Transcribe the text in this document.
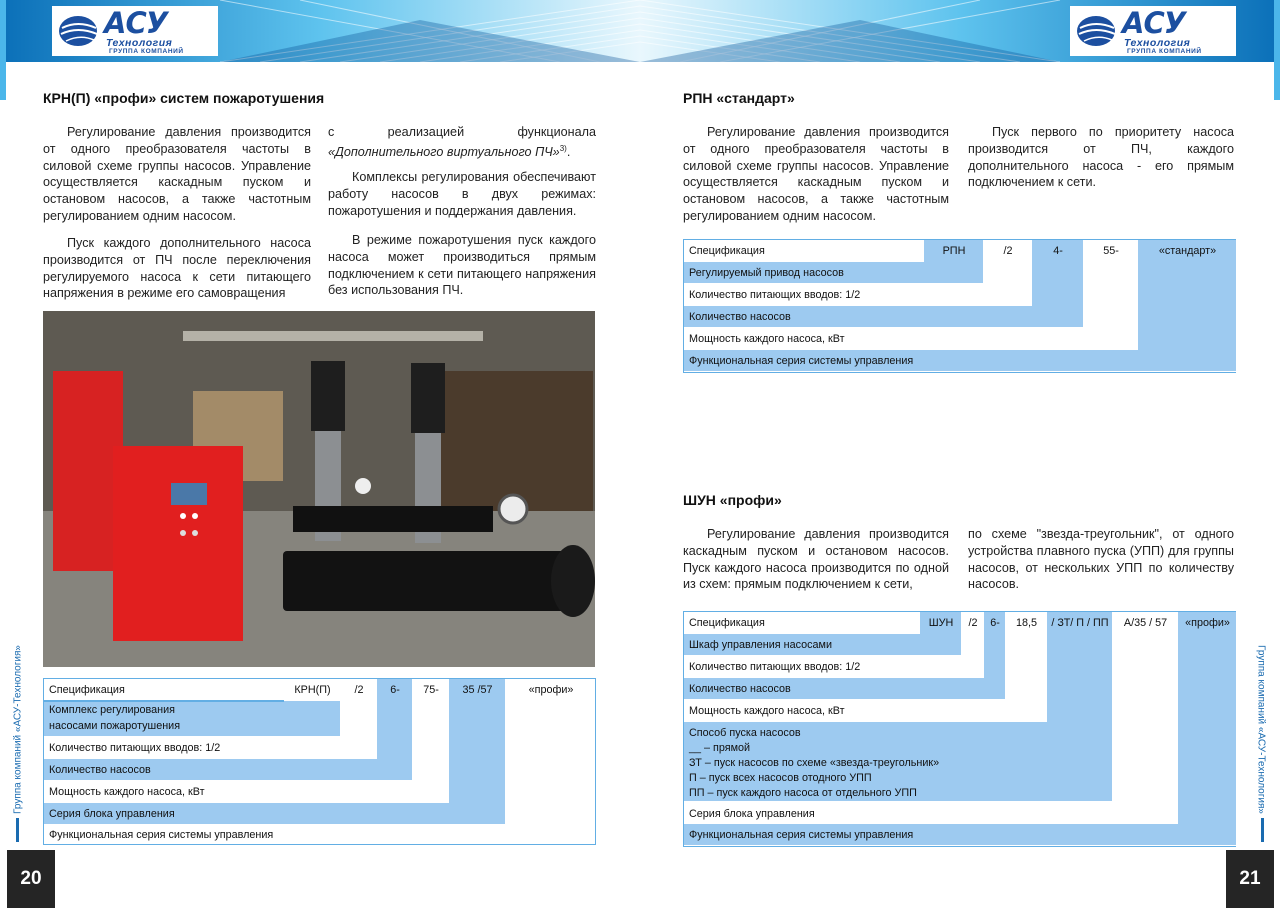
АСУ
Технология
ГРУППА КОМПАНИЙ
АСУ
Технология
ГРУППА КОМПАНИЙ
Группа компаний «АСУ-Технология»	Группа компаний «АСУ-Технология»
20	21
КРН(П) «профи» систем пожаротушения
Регулирование давления производится от одного преобразователя частоты в силовой схеме группы насосов. Управление осуществляется каскадным пуском и остановом насосов, а также частотным регулированием одним насосом.
Пуск каждого дополнительного насоса производится от ПЧ после переключения регулируемого насоса к сети питающего напряжения в режиме его самовращения
с реализацией функционала «Дополнительного виртуального ПЧ»$^{3)}$.
Комплексы регулирования обеспечивают работу насосов в двух режимах: пожаротушения и поддержания давления.
В режиме пожаротушения пуск каждого насоса может производиться прямым подключением к сети питающего напряжения без использования ПЧ.
Спецификация	КРН(П)	/2	6-	75-	35 /57	«профи»
Комплекс регулирования
насосами пожаротушения
Количество питающих вводов: 1/2
Количество насосов
Мощность каждого насоса, кВт
Серия блока управления
Функциональная серия системы управления
РПН «стандарт»
Регулирование давления производится от одного преобразователя частоты в силовой схеме группы насосов. Управление осуществляется каскадным пуском и остановом насосов, а также частотным регулированием одним насосом.
Пуск первого по приоритету насоса производится от ПЧ, каждого дополнительного насоса - его прямым подключением к сети.
Спецификация	РПН	/2	4-	55-	«стандарт»
Регулируемый привод насосов
Количество питающих вводов: 1/2
Количество насосов
Мощность каждого насоса, кВт
Функциональная серия системы управления
ШУН «профи»
Регулирование давления производится каскадным пуском и остановом насосов. Пуск каждого насоса производится по одной из схем: прямым подключением к сети,
по схеме "звезда-треугольник", от одного устройства плавного пуска (УПП) для группы насосов, от нескольких УПП по количеству насосов.
Спецификация	ШУН	/2	6-	18,5	/ ЗТ/ П / ПП	А/35 / 57	«профи»
Шкаф управления насосами
Количество питающих вводов: 1/2
Количество насосов
Мощность каждого насоса, кВт
Способ пуска насосов
__ – прямой
ЗТ – пуск насосов по схеме «звезда-треугольник»
П – пуск всех насосов отодного УПП
ПП – пуск каждого насоса от отдельного УПП
Серия блока управления
Функциональная серия системы управления
